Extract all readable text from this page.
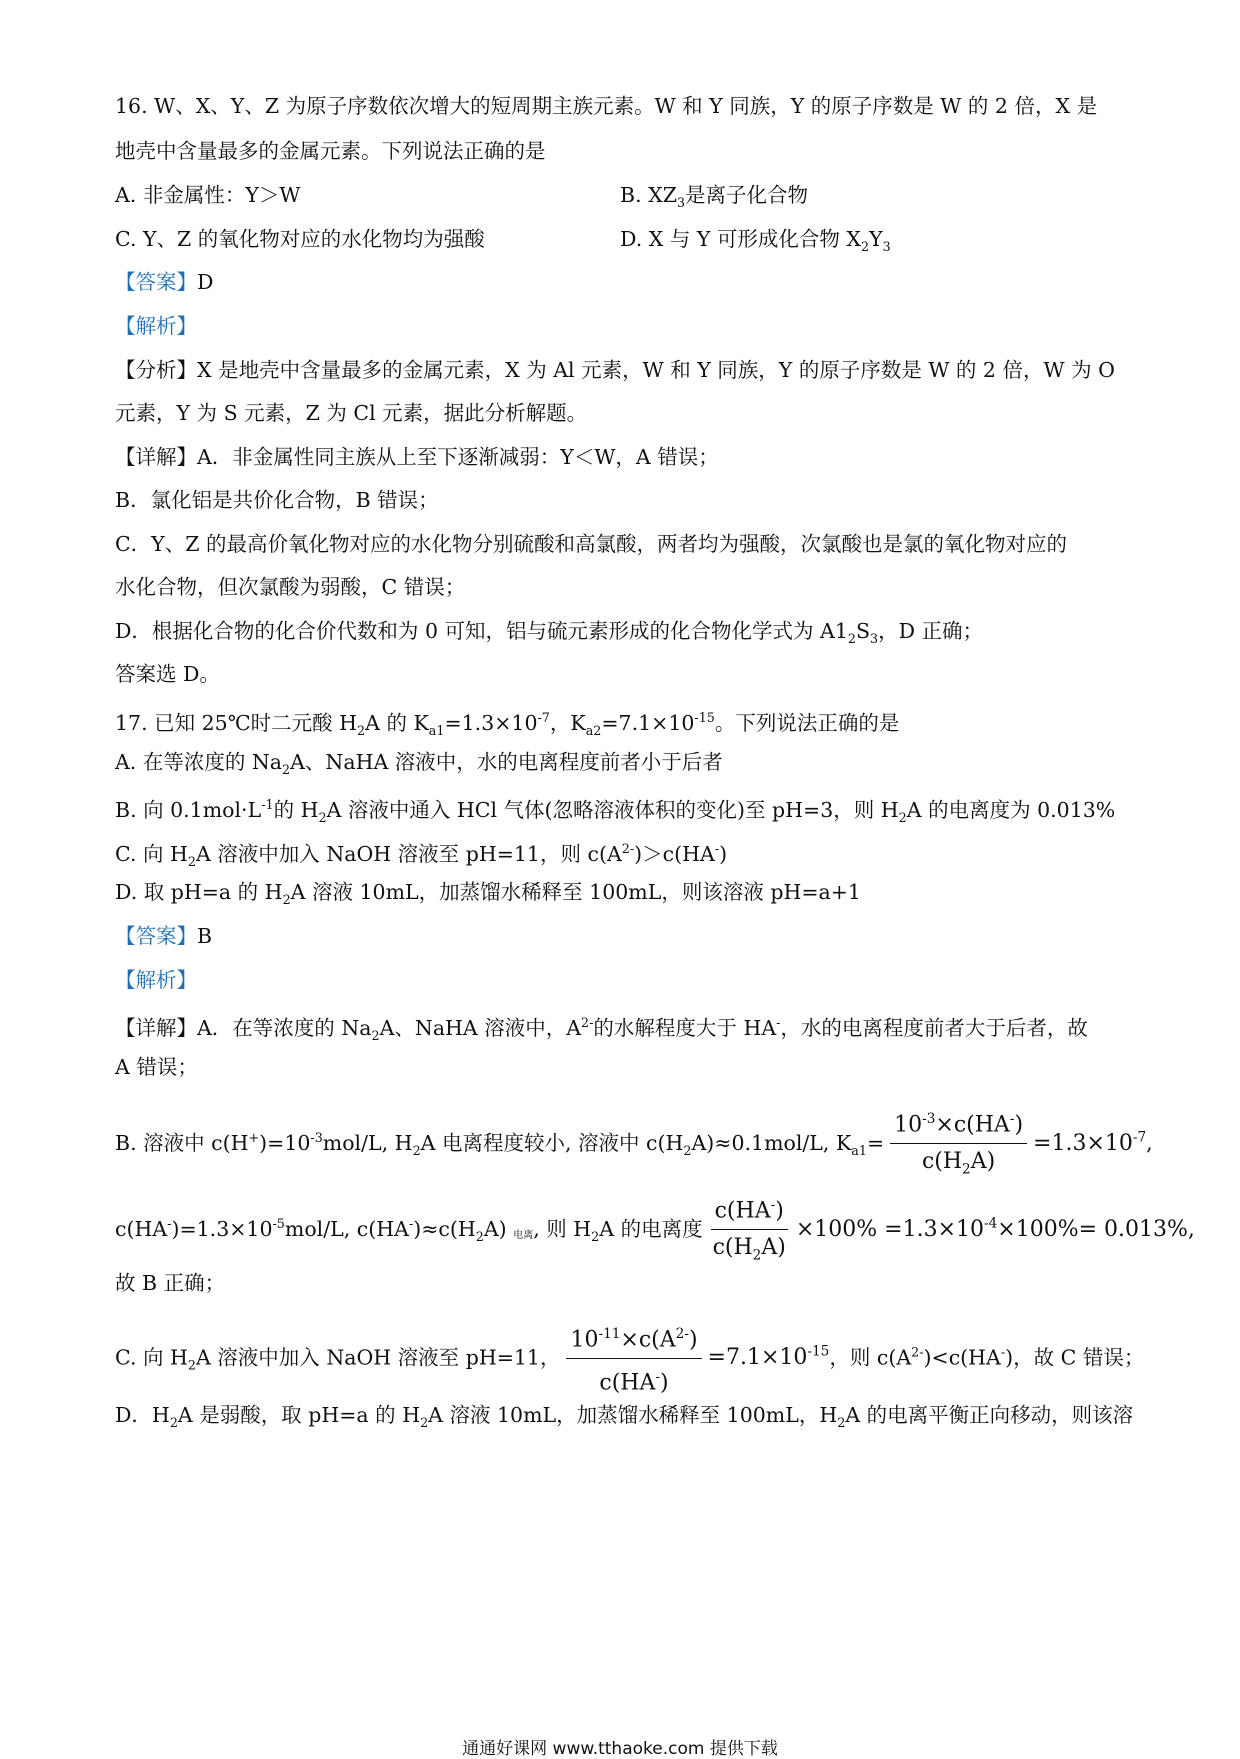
16. W、X、Y、Z 为原子序数依次增大的短周期主族元素。W 和 Y 同族，Y 的原子序数是 W 的 2 倍，X 是
地壳中含量最多的金属元素。下列说法正确的是
A. 非金属性：Y＞W	B. $XZ_3$是离子化合物
C. Y、Z 的氧化物对应的水化物均为强酸	D. X 与 Y 可形成化合物 $X_2Y_3$
【答案】D
【解析】
【分析】X 是地壳中含量最多的金属元素，X 为 Al 元素，W 和 Y 同族，Y 的原子序数是 W 的 2 倍，W 为 O
元素，Y 为 S 元素，Z 为 Cl 元素，据此分析解题。
【详解】A．非金属性同主族从上至下逐渐减弱：Y＜W，A 错误；
B．氯化铝是共价化合物，B 错误；
C．Y、Z 的最高价氧化物对应的水化物分别硫酸和高氯酸，两者均为强酸，次氯酸也是氯的氧化物对应的
水化合物，但次氯酸为弱酸，C 错误；
D．根据化合物的化合价代数和为 0 可知，铝与硫元素形成的化合物化学式为 $A1_2S_3$，D 正确；
答案选 D。
17. 已知 25℃时二元酸 $H_2A$ 的 $K_{a1}=1.3\times 10^{-7}$，$K_{a2}=7.1\times 10^{-15}$。下列说法正确的是
A. 在等浓度的 $Na_2A$、NaHA 溶液中，水的电离程度前者小于后者
B. 向 $0.1mol\cdot L^{-1}$的 $H_2A$ 溶液中通入 HCl 气体(忽略溶液体积的变化)至 pH=3，则 $H_2A$ 的电离度为 0.013%
C. 向 $H_2A$ 溶液中加入 NaOH 溶液至 pH=11，则 $c(A^{2-})>c(HA^-)$
D. 取 pH=a 的 $H_2A$ 溶液 10mL，加蒸馏水稀释至 100mL，则该溶液 pH=a+1
【答案】B
【解析】
【详解】A．在等浓度的 $Na_2A$、NaHA 溶液中，$A^{2-}$的水解程度大于 HA-，水的电离程度前者大于后者，故
A 错误；
B. 溶液中 $c(H^+)=10^{-3}mol/L$, $H_2A$ 电离程度较小, 溶液中 $c(H_2A)\approx 0.1mol/L$, $K_{a1}= \frac{10^{-3}\times c(HA^-)}{c(H_2A)} =1.3\times 10^{-7}$,
$c(HA^-)=1.3\times 10^{-5}mol/L$, $c(HA^-)\approx c(H_2A)$ 电离, 则 $H_2A$ 的电离度 $\frac{c(HA^-)}{c(H_2A)} \times 100\% =1.3\times 10^{-4}\times 100\%= 0.013\%$,
故 B 正确；
C. 向 $H_2A$ 溶液中加入 NaOH 溶液至 pH=11， $\frac{10^{-11}\times c(A^{2-})}{c(HA^-)} =7.1\times 10^{-15}$，则 $c(A^{2-})<c(HA^-)$，故 C 错误；
D．$H_2A$ 是弱酸，取 pH=a 的 $H_2A$ 溶液 10mL，加蒸馏水稀释至 100mL，$H_2A$ 的电离平衡正向移动，则该溶
通通好课网 www.tthaoke.com 提供下载
